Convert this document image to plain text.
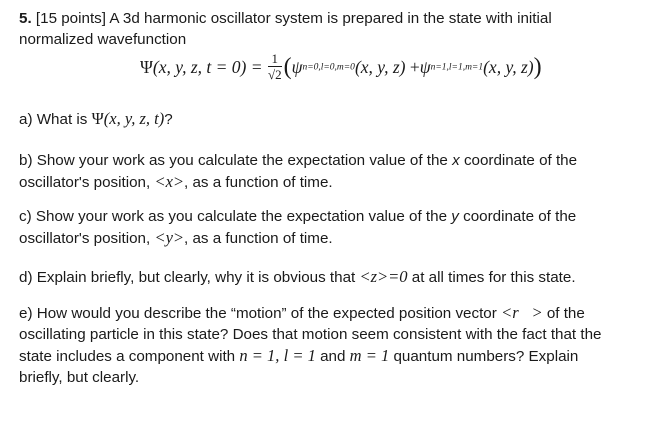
5. [15 points] A 3d harmonic oscillator system is prepared in the state with initial
normalized wavefunction
Ψ(x, y, z, $t = 0) = \frac{1}{√2} (\psi n=0,l=0,m=0(x$, y, z) +ψn=1,l=1,m=1(x, y, z))
a) What is Ψ(x, y, z, t)?
b) Show your work as you calculate the expectation value of the x coordinate of the
oscillator's position, <x>, as a function of time.
c) Show your work as you calculate the expectation value of the y coordinate of the
oscillator's position, <y>, as a function of time.
d) Explain briefly, but clearly, why it is obvious that <z>=0 at all times for this state.
e) How would you describe the “motion” of the expected position vector <r⃗> of the
oscillating particle in this state? Does that motion seem consistent with the fact that the
state includes a component with n = 1, l = 1 and m = 1 quantum numbers? Explain
briefly, but clearly.
